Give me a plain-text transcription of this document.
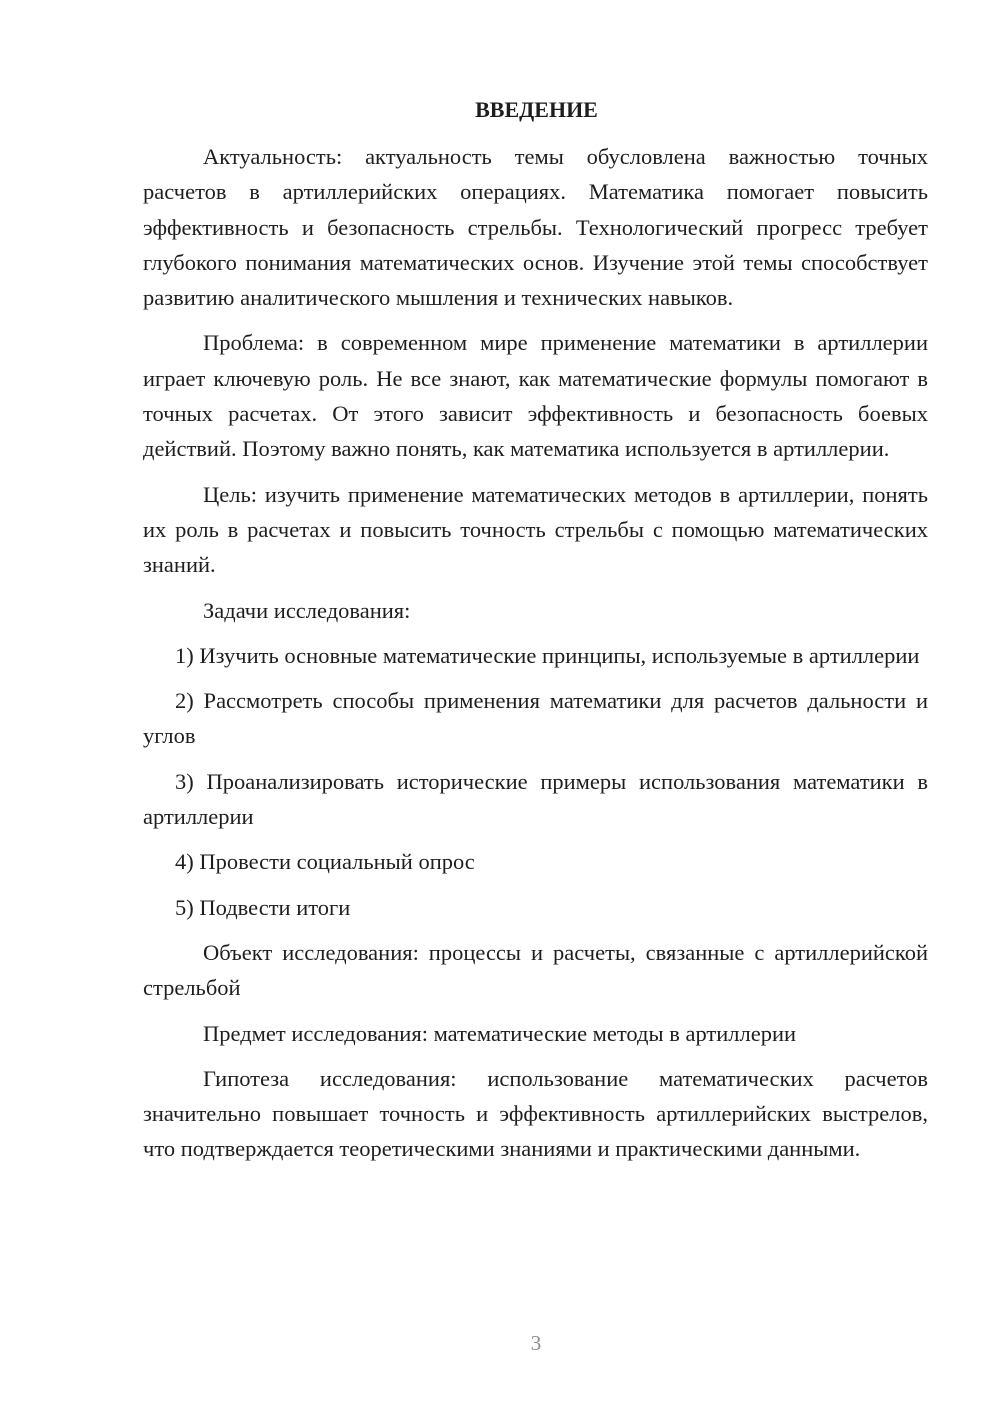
ВВЕДЕНИЕ

Актуальность: актуальность темы обусловлена важностью точных расчетов в артиллерийских операциях. Математика помогает повысить эффективность и безопасность стрельбы. Технологический прогресс требует глубокого понимания математических основ. Изучение этой темы способствует развитию аналитического мышления и технических навыков.

Проблема: в современном мире применение математики в артиллерии играет ключевую роль. Не все знают, как математические формулы помогают в точных расчетах. От этого зависит эффективность и безопасность боевых действий. Поэтому важно понять, как математика используется в артиллерии.

Цель: изучить применение математических методов в артиллерии, понять их роль в расчетах и повысить точность стрельбы с помощью математических знаний.

Задачи исследования:

1) Изучить основные математические принципы, используемые в артиллерии

2) Рассмотреть способы применения математики для расчетов дальности и углов

3) Проанализировать исторические примеры использования математики в артиллерии

4) Провести социальный опрос

5) Подвести итоги

Объект исследования: процессы и расчеты, связанные с артиллерийской стрельбой

Предмет исследования: математические методы в артиллерии

Гипотеза исследования: использование математических расчетов значительно повышает точность и эффективность артиллерийских выстрелов, что подтверждается теоретическими знаниями и практическими данными.

3
